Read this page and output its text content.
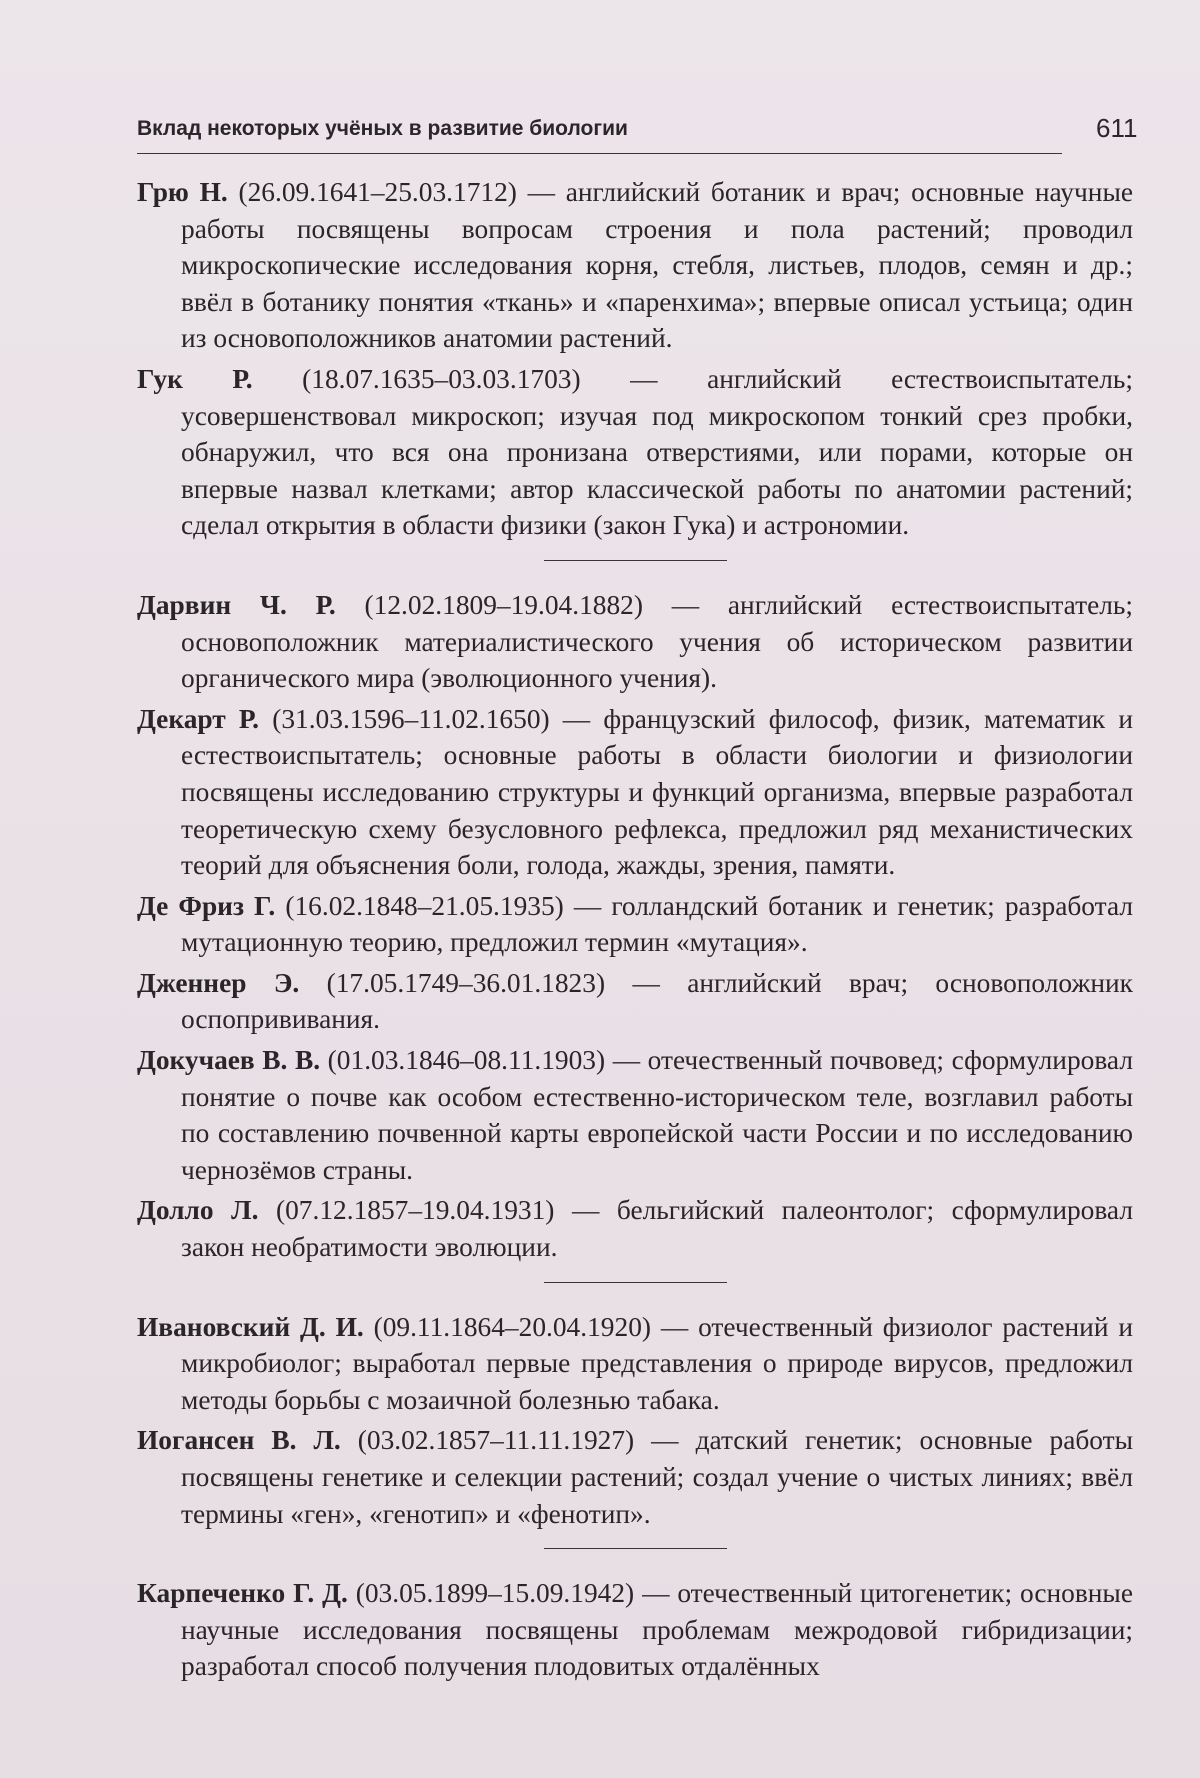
Вклад некоторых учёных в развитие биологии	611

Грю Н. (26.09.1641–25.03.1712) — английский ботаник и врач; основные научные работы посвящены вопросам строения и пола растений; проводил микроскопические исследования корня, стебля, листьев, плодов, семян и др.; ввёл в ботанику понятия «ткань» и «паренхима»; впервые описал устьица; один из основоположников анатомии растений.

Гук Р. (18.07.1635–03.03.1703) — английский естествоиспытатель; усовершенствовал микроскоп; изучая под микроскопом тонкий срез пробки, обнаружил, что вся она пронизана отверстиями, или порами, которые он впервые назвал клетками; автор классической работы по анатомии растений; сделал открытия в области физики (закон Гука) и астрономии.

Дарвин Ч. Р. (12.02.1809–19.04.1882) — английский естествоиспытатель; основоположник материалистического учения об историческом развитии органического мира (эволюционного учения).

Декарт Р. (31.03.1596–11.02.1650) — французский философ, физик, математик и естествоиспытатель; основные работы в области биологии и физиологии посвящены исследованию структуры и функций организма, впервые разработал теоретическую схему безусловного рефлекса, предложил ряд механистических теорий для объяснения боли, голода, жажды, зрения, памяти.

Де Фриз Г. (16.02.1848–21.05.1935) — голландский ботаник и генетик; разработал мутационную теорию, предложил термин «мутация».

Дженнер Э. (17.05.1749–36.01.1823) — английский врач; основоположник оспопрививания.

Докучаев В. В. (01.03.1846–08.11.1903) — отечественный почвовед; сформулировал понятие о почве как особом естественно-историческом теле, возглавил работы по составлению почвенной карты европейской части России и по исследованию чернозёмов страны.

Долло Л. (07.12.1857–19.04.1931) — бельгийский палеонтолог; сформулировал закон необратимости эволюции.

Ивановский Д. И. (09.11.1864–20.04.1920) — отечественный физиолог растений и микробиолог; выработал первые представления о природе вирусов, предложил методы борьбы с мозаичной болезнью табака.

Иогансен В. Л. (03.02.1857–11.11.1927) — датский генетик; основные работы посвящены генетике и селекции растений; создал учение о чистых линиях; ввёл термины «ген», «генотип» и «фенотип».

Карпеченко Г. Д. (03.05.1899–15.09.1942) — отечественный цитогенетик; основные научные исследования посвящены проблемам межродовой гибридизации; разработал способ получения плодовитых отдалённых
